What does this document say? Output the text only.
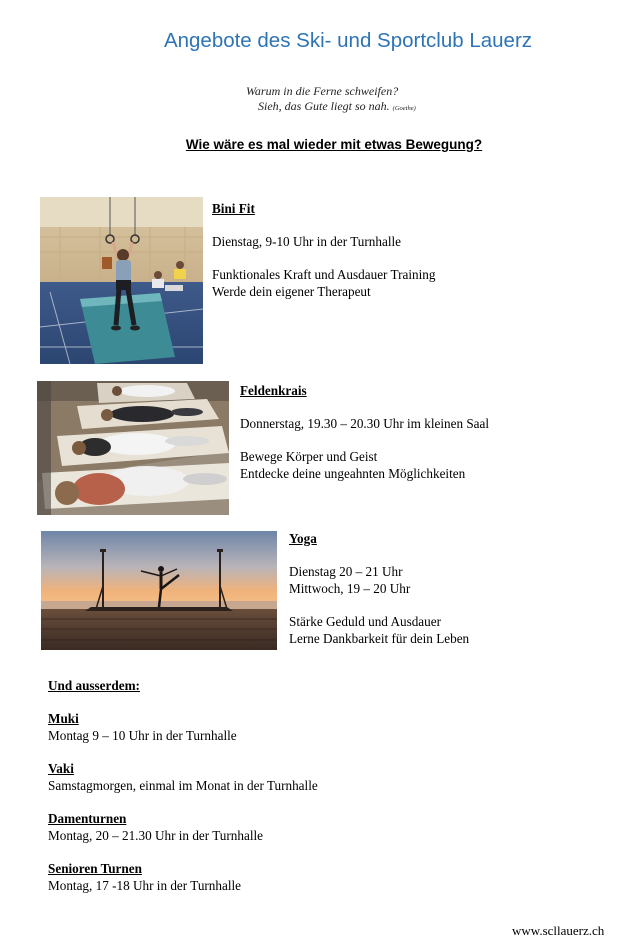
Angebote des Ski- und Sportclub Lauerz
Warum in die Ferne schweifen?
Sieh, das Gute liegt so nah. (Goethe)
Wie wäre es mal wieder mit etwas Bewegung?
Bini Fit
Dienstag, 9-10 Uhr in der Turnhalle
Funktionales Kraft und Ausdauer Training
Werde dein eigener Therapeut
Feldenkrais
Donnerstag, 19.30 – 20.30 Uhr im kleinen Saal
Bewege Körper und Geist
Entdecke deine ungeahnten Möglichkeiten
Yoga
Dienstag 20 – 21 Uhr
Mittwoch, 19 – 20 Uhr
Stärke Geduld und Ausdauer
Lerne Dankbarkeit für dein Leben
Und ausserdem:
Muki
Montag 9 – 10 Uhr in der Turnhalle
Vaki
Samstagmorgen, einmal im Monat in der Turnhalle
Damenturnen
Montag, 20 – 21.30 Uhr in der Turnhalle
Senioren Turnen
Montag, 17 -18 Uhr in der Turnhalle
www.scllauerz.ch
